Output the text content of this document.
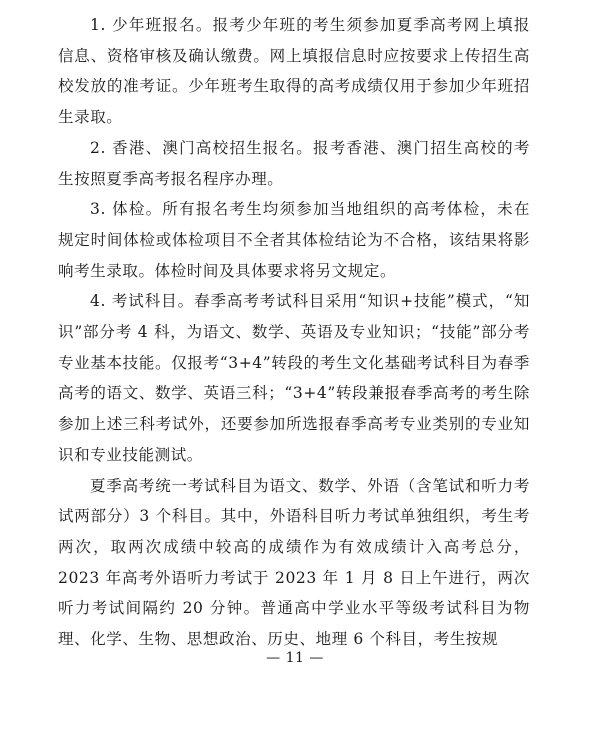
1. 少年班报名。报考少年班的考生须参加夏季高考网上填报信息、资格审核及确认缴费。网上填报信息时应按要求上传招生高校发放的准考证。少年班考生取得的高考成绩仅用于参加少年班招生录取。

2. 香港、澳门高校招生报名。报考香港、澳门招生高校的考生按照夏季高考报名程序办理。

3. 体检。所有报名考生均须参加当地组织的高考体检，未在规定时间体检或体检项目不全者其体检结论为不合格，该结果将影响考生录取。体检时间及具体要求将另文规定。

4. 考试科目。春季高考考试科目采用“知识+技能”模式，“知识”部分考 4 科，为语文、数学、英语及专业知识；“技能”部分考专业基本技能。仅报考“3+4”转段的考生文化基础考试科目为春季高考的语文、数学、英语三科；“3+4”转段兼报春季高考的考生除参加上述三科考试外，还要参加所选报春季高考专业类别的专业知识和专业技能测试。

夏季高考统一考试科目为语文、数学、外语（含笔试和听力考试两部分）3 个科目。其中，外语科目听力考试单独组织，考生考两次，取两次成绩中较高的成绩作为有效成绩计入高考总分，2023 年高考外语听力考试于 2023 年 1 月 8 日上午进行，两次听力考试间隔约 20 分钟。普通高中学业水平等级考试科目为物理、化学、生物、思想政治、历史、地理 6 个科目，考生按规

— 11 —
